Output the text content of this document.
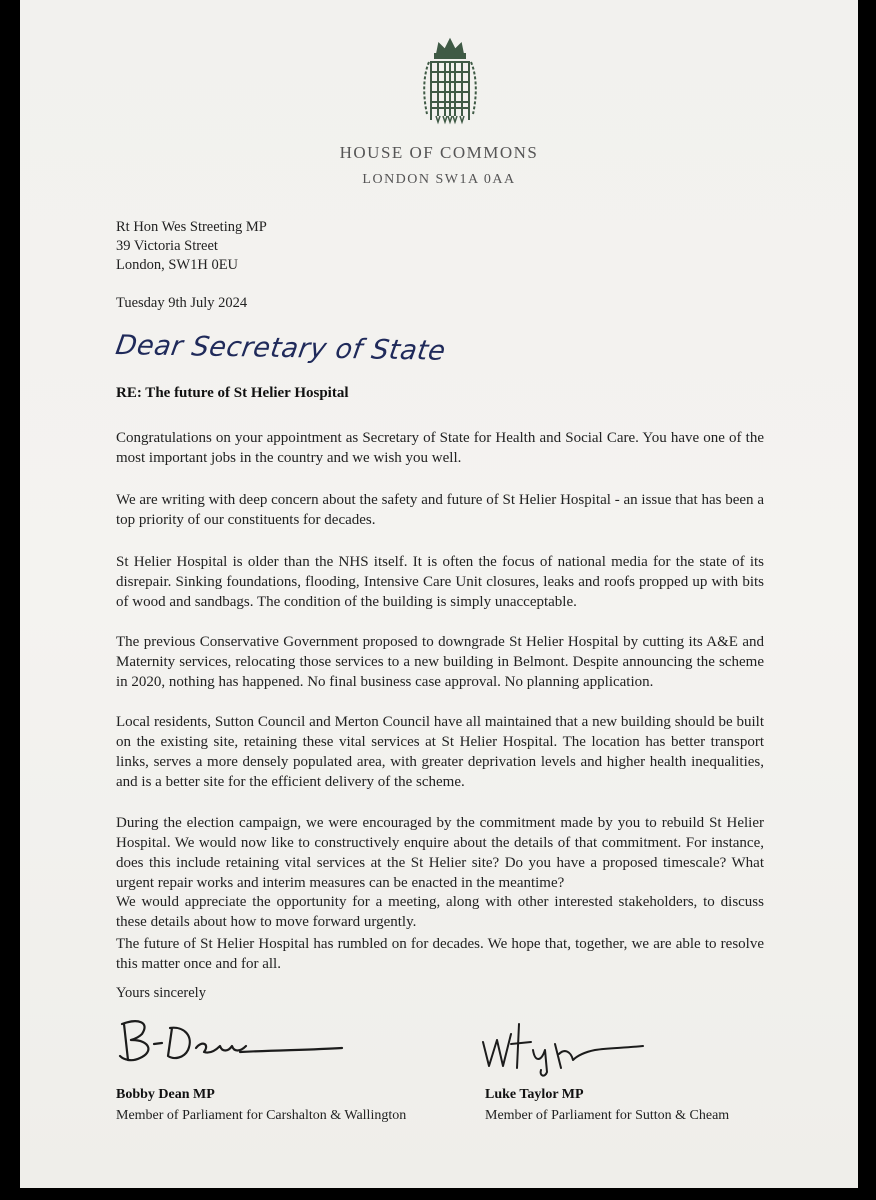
HOUSE OF COMMONS
LONDON SW1A 0AA
Rt Hon Wes Streeting MP
39 Victoria Street
London, SW1H 0EU
Tuesday 9th July 2024
Dear Secretary of State
RE: The future of St Helier Hospital
Congratulations on your appointment as Secretary of State for Health and Social Care. You have one of the most important jobs in the country and we wish you well.
We are writing with deep concern about the safety and future of St Helier Hospital - an issue that has been a top priority of our constituents for decades.
St Helier Hospital is older than the NHS itself. It is often the focus of national media for the state of its disrepair. Sinking foundations, flooding, Intensive Care Unit closures, leaks and roofs propped up with bits of wood and sandbags. The condition of the building is simply unacceptable.
The previous Conservative Government proposed to downgrade St Helier Hospital by cutting its A&E and Maternity services, relocating those services to a new building in Belmont. Despite announcing the scheme in 2020, nothing has happened. No final business case approval. No planning application.
Local residents, Sutton Council and Merton Council have all maintained that a new building should be built on the existing site, retaining these vital services at St Helier Hospital. The location has better transport links, serves a more densely populated area, with greater deprivation levels and higher health inequalities, and is a better site for the efficient delivery of the scheme.
During the election campaign, we were encouraged by the commitment made by you to rebuild St Helier Hospital. We would now like to constructively enquire about the details of that commitment. For instance, does this include retaining vital services at the St Helier site? Do you have a proposed timescale? What urgent repair works and interim measures can be enacted in the meantime?
We would appreciate the opportunity for a meeting, along with other interested stakeholders, to discuss these details about how to move forward urgently.
The future of St Helier Hospital has rumbled on for decades. We hope that, together, we are able to resolve this matter once and for all.
Yours sincerely
Bobby Dean MP
Member of Parliament for Carshalton & Wallington
Luke Taylor MP
Member of Parliament for Sutton & Cheam
